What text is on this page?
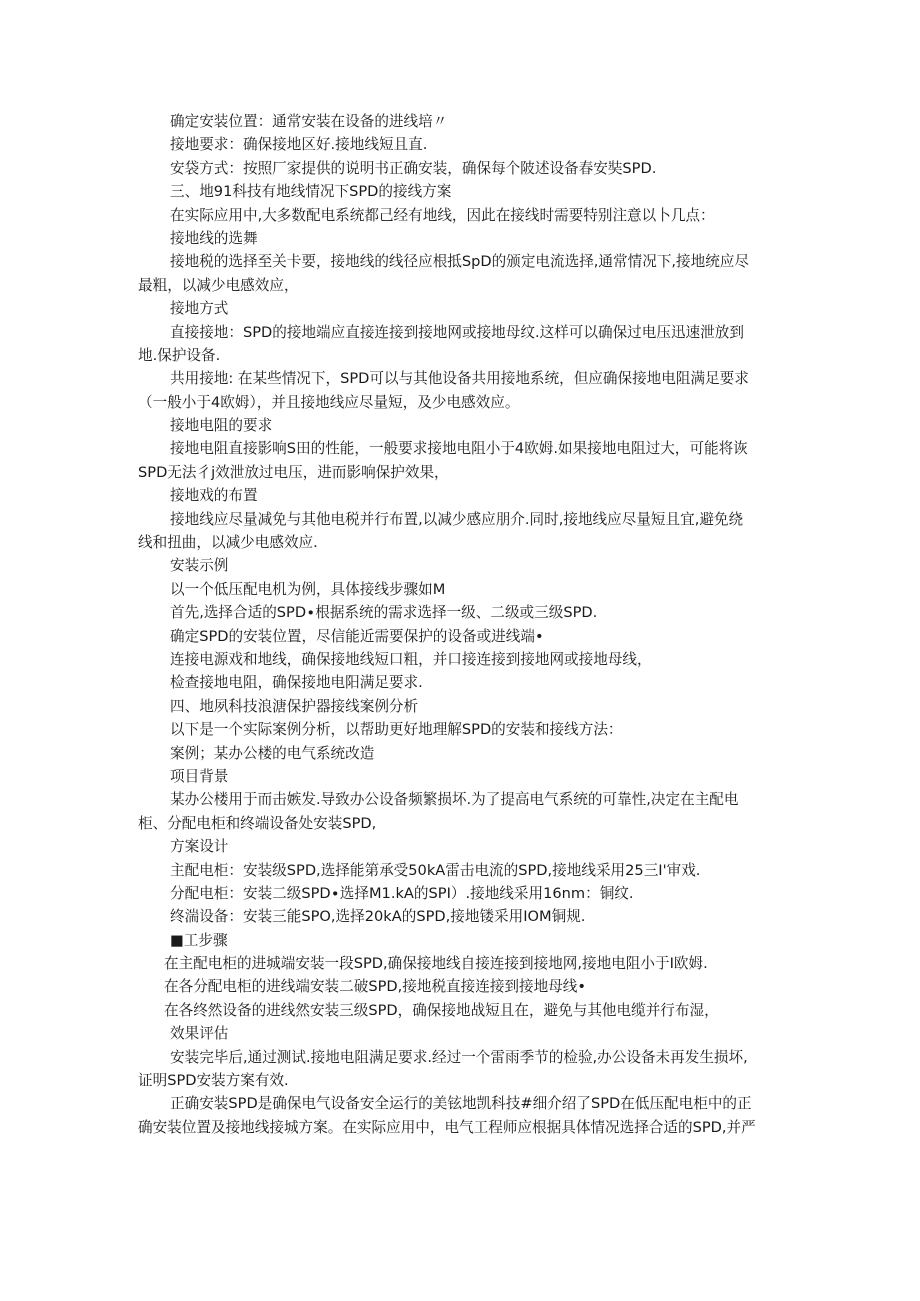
确定安装位置：通常安装在设备的进线培〃
接地要求：确保接地区好.接地线短且直.
安袋方式：按照厂家提供的说明书正确安装，确保每个陂述设备春安奘SPD.
三、地91科技有地线情况下SPD的接线方案
在实际应用中,大多数配电系统都己经有地线，因此在接线时需要特别注意以卜几点：
接地线的选舞
接地税的选择至关卡要，接地线的线径应根抵SpD的颁定电流选择,通常情况下,接地统应尽
最粗，以减少电感效应，
接地方式
直接接地：SPD的接地端应直接连接到接地网或接地母纹.这样可以确保过电压迅速泄放到
地.保护设备.
共用接地: 在某些情况下，SPD可以与其他设备共用接地系统，但应确保接地电阻满足要求
（一般小于4欧姆），并且接地线应尽量短，及少电感效应。
接地电阻的要求
接地电阻直接影响S田的性能，一般要求接地电阻小于4欧姆.如果接地电阻过大，可能将诙
SPD无法彳j效泄放过电压，进而影响保护效果，
接地戏的布置
接地线应尽量减免与其他电税并行布置,以减少感应朋介.同时,接地线应尽量短且宜,避免绕
线和扭曲，以减少电感效应.
安装示例
以一个低压配电机为例，具体接线步骤如M
首先,选择合适的SPD∙根据系统的需求选择一级、二级或三级SPD.
确定SPD的安装位置，尽信能近需要保护的设备或进线端•
连接电源戏和地线，确保接地线短口粗，并口接连接到接地网或接地母线，
检查接地电阻，确保接地电阳满足要求.
四、地夙科技浪溏保护器接线案例分析
以下是一个实际案例分析，以帮助更好地理解SPD的安装和接线方法：
案例；某办公楼的电气系统改造
项目背景
某办公楼用于而击嫉发.导致办公设备频繁损坏.为了提高电气系统的可靠性,决定在主配电
柜、分配电柜和终端设备处安装SPD,
方案设计
主配电柜：安装级SPD,选择能第承受50kA雷击电流的SPD,接地线采用25三I'审戏.
分配电柜：安装二级SPD∙选择M1.kA的SPI）.接地线采用16nm：铜纹.
终湍设备：安装三能SPO,选择20kA的SPD,接地镂采用IOM铜规.
■工步骤
在主配电柜的进城端安装一段SPD,确保接地线自接连接到接地网,接地电阻小于I欧姆.
在各分配电柜的进线端安装二破SPD,接地税直接连接到接地母线•
在各终然设备的进线然安装三级SPD，确保接地战短且在，避免与其他电缆并行布湿，
效果评估
安装完毕后,通过测试.接地电阻满足要求.经过一个雷雨季节的检验,办公设备未再发生损坏,
证明SPD安装方案有效.
正确安装SPD是确保电气设备安全运行的美铉地凯科技#细介绍了SPD在低压配电柜中的正
确安装位置及接地线接城方案。在实际应用中，电气工程师应根据具体情况选择合适的SPD,并严
